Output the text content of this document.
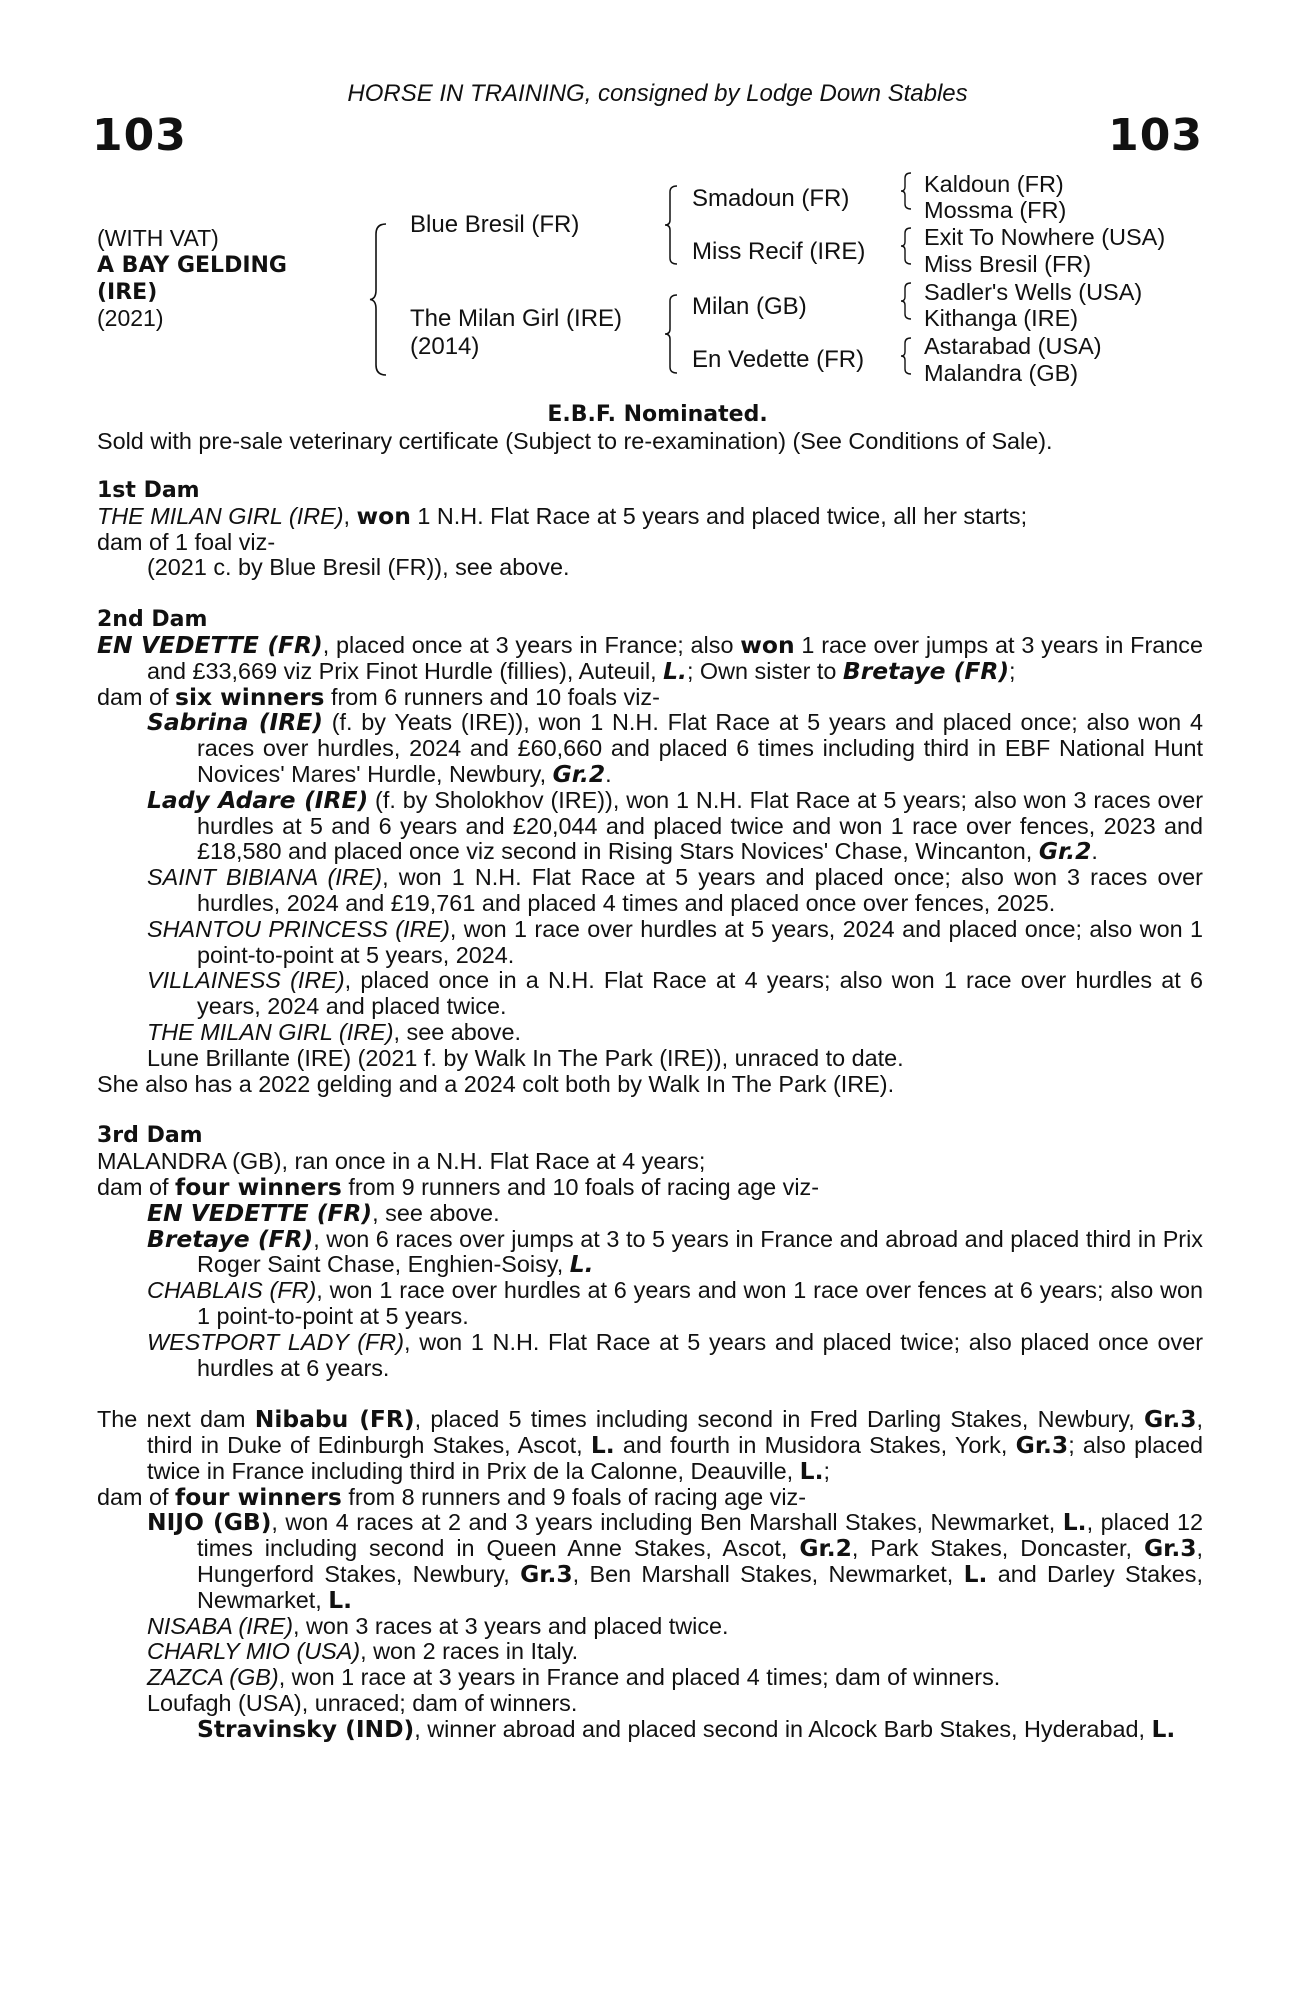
HORSE IN TRAINING, consigned by Lodge Down Stables
103	103
(WITH VAT)
A BAY GELDING
(IRE)
(2021)
Blue Bresil (FR)
The Milan Girl (IRE)
(2014)
Smadoun (FR)
Miss Recif (IRE)
Milan (GB)
En Vedette (FR)
Kaldoun (FR)
Mossma (FR)
Exit To Nowhere (USA)
Miss Bresil (FR)
Sadler's Wells (USA)
Kithanga (IRE)
Astarabad (USA)
Malandra (GB)
E.B.F. Nominated.
Sold with pre-sale veterinary certificate (Subject to re-examination) (See Conditions of Sale).

1st Dam

THE MILAN GIRL (IRE), won 1 N.H. Flat Race at 5 years and placed twice, all her starts;

dam of 1 foal viz-

(2021 c. by Blue Bresil (FR)), see above.

2nd Dam

EN VEDETTE (FR), placed once at 3 years in France; also won 1 race over jumps at 3 years in France and £33,669 viz Prix Finot Hurdle (fillies), Auteuil, L.; Own sister to Bretaye (FR);

dam of six winners from 6 runners and 10 foals viz-

Sabrina (IRE) (f. by Yeats (IRE)), won 1 N.H. Flat Race at 5 years and placed once; also won 4 races over hurdles, 2024 and £60,660 and placed 6 times including third in EBF National Hunt Novices' Mares' Hurdle, Newbury, Gr.2.

Lady Adare (IRE) (f. by Sholokhov (IRE)), won 1 N.H. Flat Race at 5 years; also won 3 races over hurdles at 5 and 6 years and £20,044 and placed twice and won 1 race over fences, 2023 and £18,580 and placed once viz second in Rising Stars Novices' Chase, Wincanton, Gr.2.

SAINT BIBIANA (IRE), won 1 N.H. Flat Race at 5 years and placed once; also won 3 races over hurdles, 2024 and £19,761 and placed 4 times and placed once over fences, 2025.

SHANTOU PRINCESS (IRE), won 1 race over hurdles at 5 years, 2024 and placed once; also won 1 point-to-point at 5 years, 2024.

VILLAINESS (IRE), placed once in a N.H. Flat Race at 4 years; also won 1 race over hurdles at 6 years, 2024 and placed twice.

THE MILAN GIRL (IRE), see above.

Lune Brillante (IRE) (2021 f. by Walk In The Park (IRE)), unraced to date.

She also has a 2022 gelding and a 2024 colt both by Walk In The Park (IRE).

3rd Dam

MALANDRA (GB), ran once in a N.H. Flat Race at 4 years;

dam of four winners from 9 runners and 10 foals of racing age viz-

EN VEDETTE (FR), see above.

Bretaye (FR), won 6 races over jumps at 3 to 5 years in France and abroad and placed third in Prix Roger Saint Chase, Enghien-Soisy, L.

CHABLAIS (FR), won 1 race over hurdles at 6 years and won 1 race over fences at 6 years; also won 1 point-to-point at 5 years.

WESTPORT LADY (FR), won 1 N.H. Flat Race at 5 years and placed twice; also placed once over hurdles at 6 years.

The next dam Nibabu (FR), placed 5 times including second in Fred Darling Stakes, Newbury, Gr.3, third in Duke of Edinburgh Stakes, Ascot, L. and fourth in Musidora Stakes, York, Gr.3; also placed twice in France including third in Prix de la Calonne, Deauville, L.;

dam of four winners from 8 runners and 9 foals of racing age viz-

NIJO (GB), won 4 races at 2 and 3 years including Ben Marshall Stakes, Newmarket, L., placed 12 times including second in Queen Anne Stakes, Ascot, Gr.2, Park Stakes, Doncaster, Gr.3, Hungerford Stakes, Newbury, Gr.3, Ben Marshall Stakes, Newmarket, L. and Darley Stakes, Newmarket, L.

NISABA (IRE), won 3 races at 3 years and placed twice.

CHARLY MIO (USA), won 2 races in Italy.

ZAZCA (GB), won 1 race at 3 years in France and placed 4 times; dam of winners.

Loufagh (USA), unraced; dam of winners.

Stravinsky (IND), winner abroad and placed second in Alcock Barb Stakes, Hyderabad, L.
